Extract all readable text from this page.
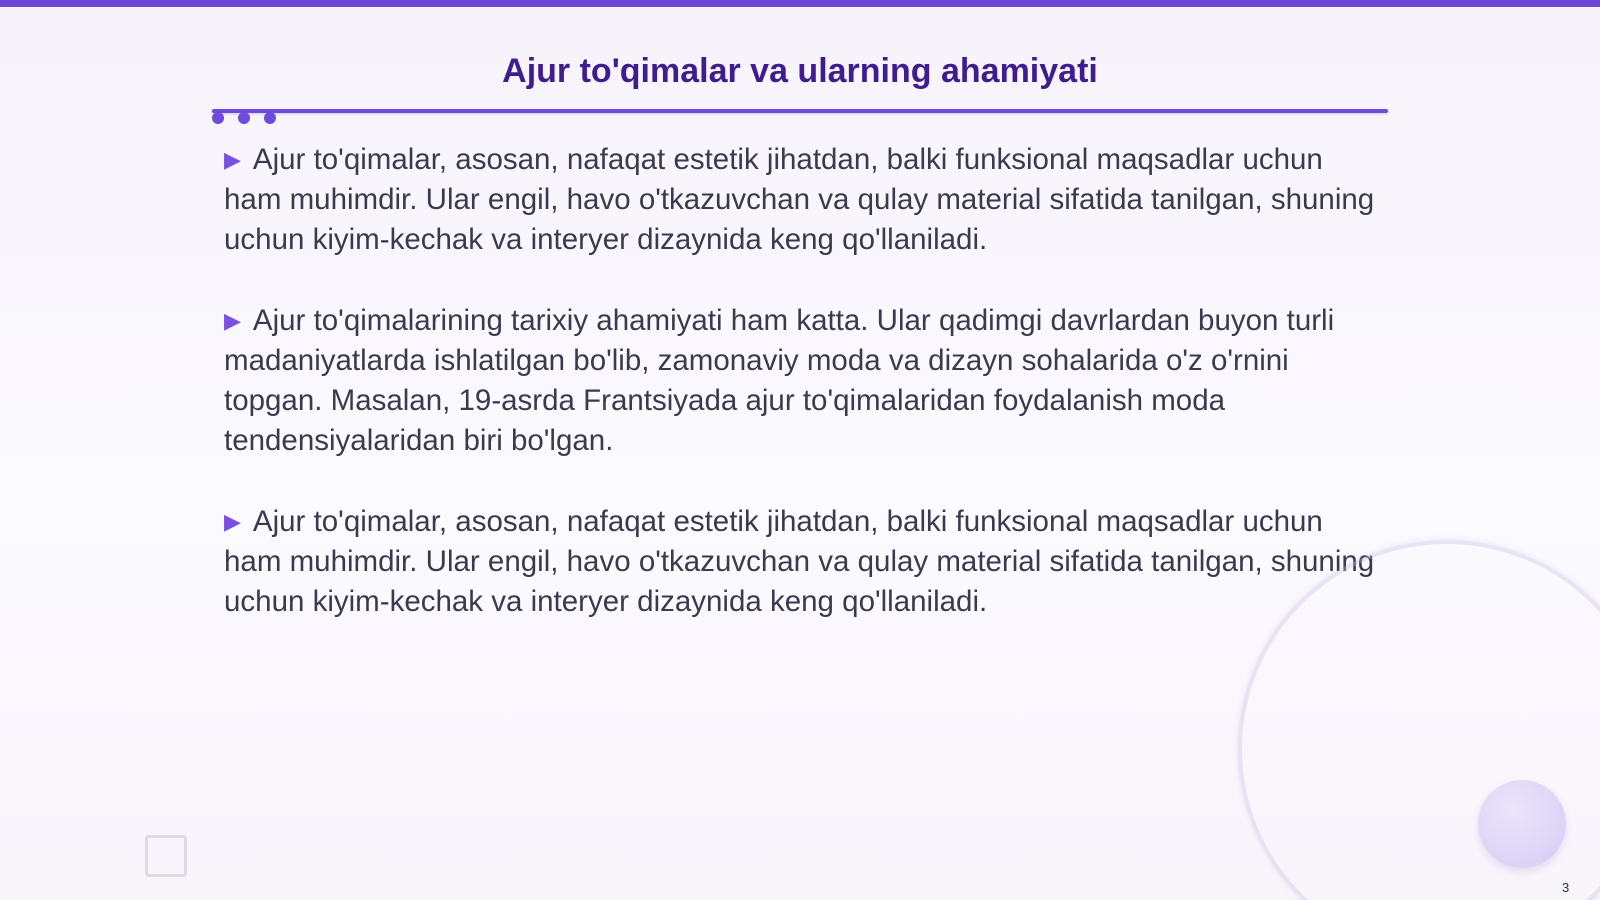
Ajur to'qimalar va ularning ahamiyati

▶ Ajur to'qimalar, asosan, nafaqat estetik jihatdan, balki funksional maqsadlar uchun ham muhimdir. Ular engil, havo o'tkazuvchan va qulay material sifatida tanilgan, shuning uchun kiyim-kechak va interyer dizaynida keng qo'llaniladi.

▶ Ajur to'qimalarining tarixiy ahamiyati ham katta. Ular qadimgi davrlardan buyon turli madaniyatlarda ishlatilgan bo'lib, zamonaviy moda va dizayn sohalarida o'z o'rnini topgan. Masalan, 19-asrda Frantsiyada ajur to'qimalaridan foydalanish moda tendensiyalaridan biri bo'lgan.

▶ Ajur to'qimalar, asosan, nafaqat estetik jihatdan, balki funksional maqsadlar uchun ham muhimdir. Ular engil, havo o'tkazuvchan va qulay material sifatida tanilgan, shuning uchun kiyim-kechak va interyer dizaynida keng qo'llaniladi.

3
